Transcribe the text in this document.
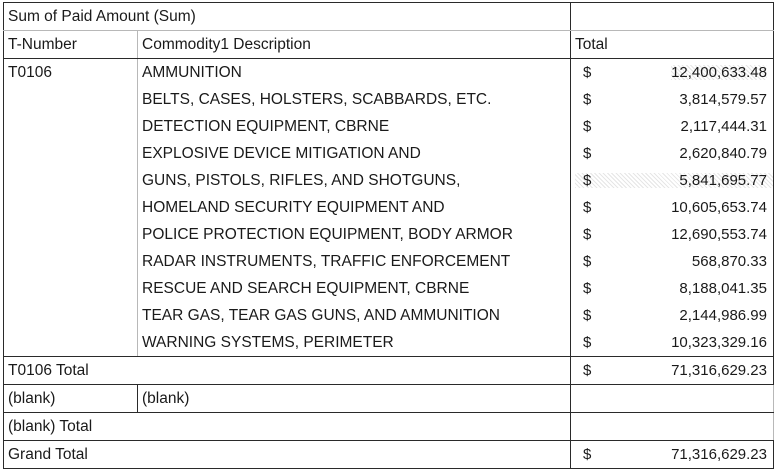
Sum of Paid Amount (Sum)		
T-Number	Commodity1 Description	Total
T0106	AMMUNITION	$ 12,400,633.48

	BELTS, CASES, HOLSTERS, SCABBARDS, ETC.	$ 3,814,579.57

	DETECTION EQUIPMENT, CBRNE	$ 2,117,444.31

	EXPLOSIVE DEVICE MITIGATION AND	$ 2,620,840.79

	GUNS, PISTOLS, RIFLES, AND SHOTGUNS,	$ 5,841,695.77

	HOMELAND SECURITY EQUIPMENT AND	$ 10,605,653.74

	POLICE PROTECTION EQUIPMENT, BODY ARMOR	$ 12,690,553.74

	RADAR INSTRUMENTS, TRAFFIC ENFORCEMENT	$ 568,870.33

	RESCUE AND SEARCH EQUIPMENT, CBRNE	$ 8,188,041.35

	TEAR GAS, TEAR GAS GUNS, AND AMMUNITION	$ 2,144,986.99

	WARNING SYSTEMS, PERIMETER	$ 10,323,329.16

T0106 Total		$ 71,316,629.23

(blank)	(blank)	
(blank) Total		
Grand Total		$ 71,316,629.23
